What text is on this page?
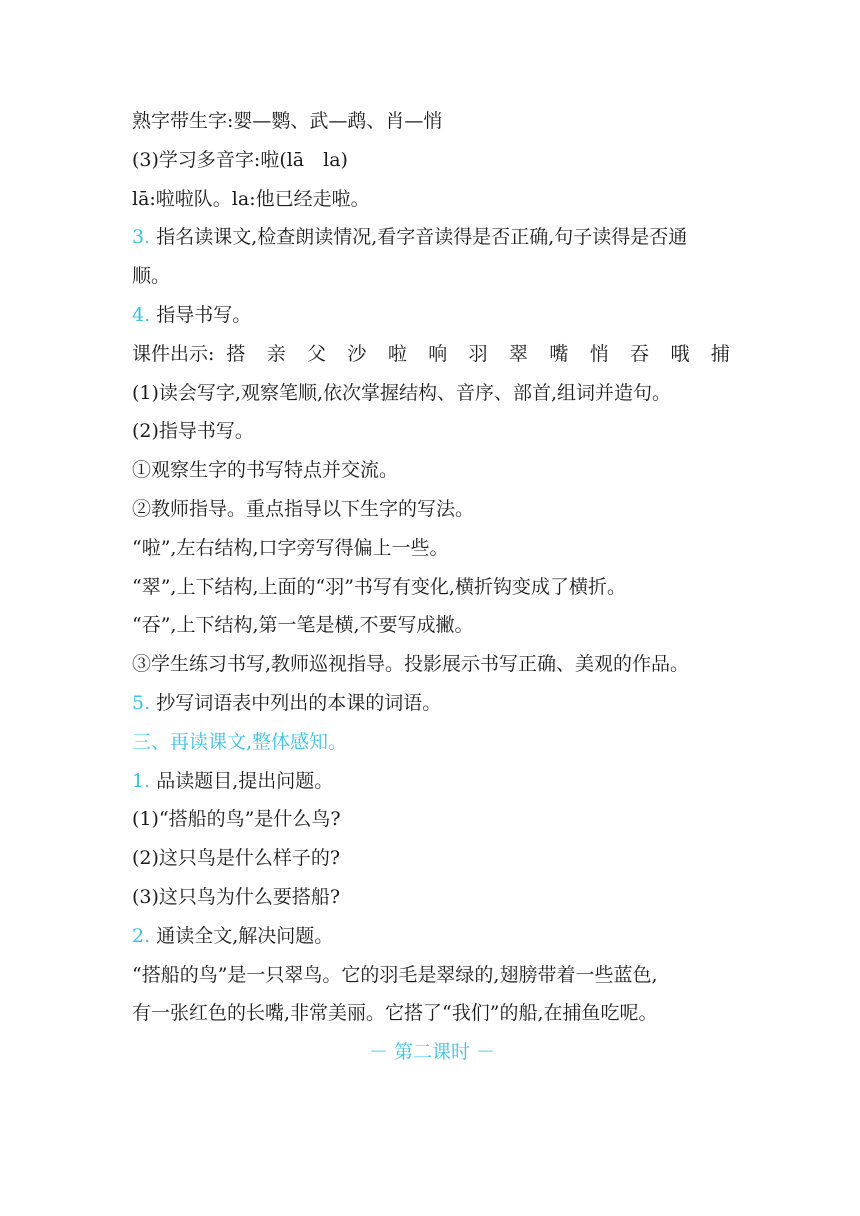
熟字带生字:婴—鹦、武—鹉、肖—悄
(3)学习多音字:啦(lā　la)
lā:啦啦队。la:他已经走啦。
3. 指名读课文,检查朗读情况,看字音读得是否正确,句子读得是否通
顺。
4. 指导书写。
课件出示: 搭 亲 父 沙 啦 响 羽 翠 嘴 悄 吞 哦 捕
(1)读会写字,观察笔顺,依次掌握结构、音序、部首,组词并造句。
(2)指导书写。
①观察生字的书写特点并交流。
②教师指导。重点指导以下生字的写法。
“啦”,左右结构,口字旁写得偏上一些。
“翠”,上下结构,上面的“羽”书写有变化,横折钩变成了横折。
“吞”,上下结构,第一笔是横,不要写成撇。
③学生练习书写,教师巡视指导。投影展示书写正确、美观的作品。
5. 抄写词语表中列出的本课的词语。
三、再读课文,整体感知。
1. 品读题目,提出问题。
(1)“搭船的鸟”是什么鸟?
(2)这只鸟是什么样子的?
(3)这只鸟为什么要搭船?
2. 通读全文,解决问题。
“搭船的鸟”是一只翠鸟。它的羽毛是翠绿的,翅膀带着一些蓝色,
有一张红色的长嘴,非常美丽。它搭了“我们”的船,在捕鱼吃呢。
－ 第二课时 －
